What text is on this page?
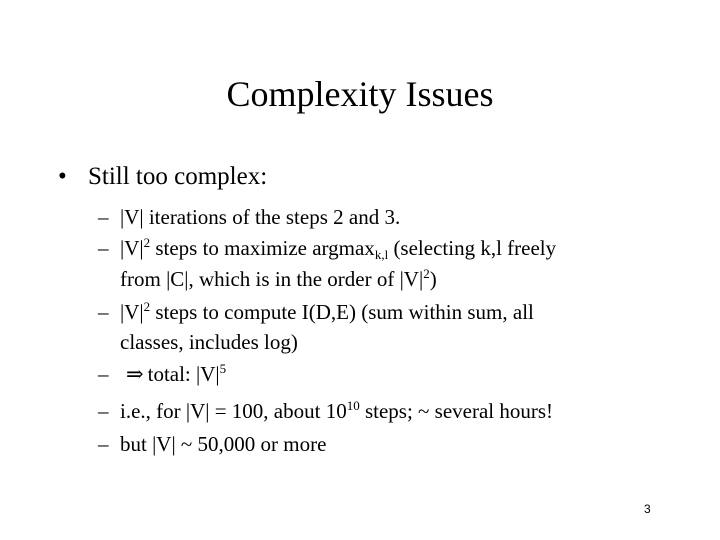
Complexity Issues
• Still too complex:
– |V| iterations of the steps 2 and 3.
– $|V|^2$ steps to maximize argmax$_{k,l}$ (selecting k,l freely
from |C|, which is in the order of $|V|^2$)
– $|V|^2$ steps to compute I(D,E) (sum within sum, all
classes, includes log)
– ⇒ total: $|V|^5$
– i.e., for |V| = 100, about $10^{10}$ steps; ~ several hours!
– but |V| ~ 50,000 or more
3
